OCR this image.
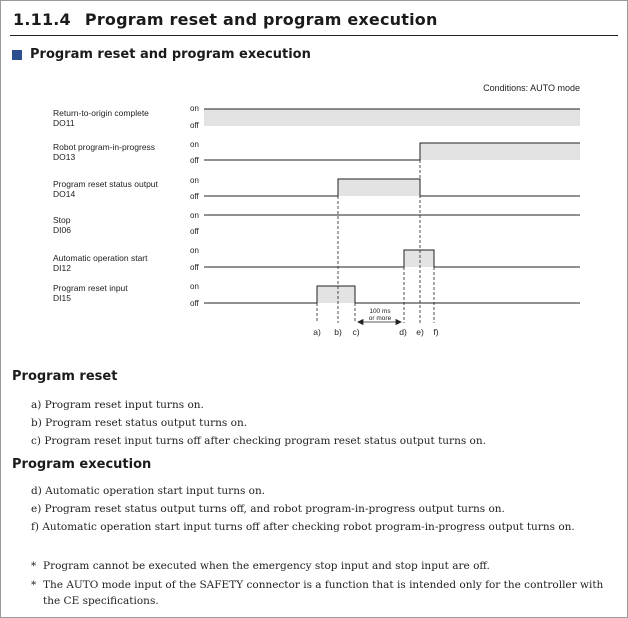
1.11.4 Program reset and program execution
Program reset and program execution
Conditions: AUTO mode
100 ms
or more
a) b) c)	d) e) f)
Return-to-origin complete
DO11
Robot program-in-progress
DO13
Program reset status output
DO14
Stop
DI06
Automatic operation start
DI12
Program reset input
DI15
on
off
on
off
on
off
on
off
on
off
on
off
Program reset
a) Program reset input turns on.
b) Program reset status output turns on.
c) Program reset input turns off after checking program reset status output turns on.
Program execution
d) Automatic operation start input turns on.
e) Program reset status output turns off, and robot program-in-progress output turns on.
f) Automatic operation start input turns off after checking robot program-in-progress output turns on.
* Program cannot be executed when the emergency stop input and stop input are off.
* The AUTO mode input of the SAFETY connector is a function that is intended only for the controller with the CE specifications.
